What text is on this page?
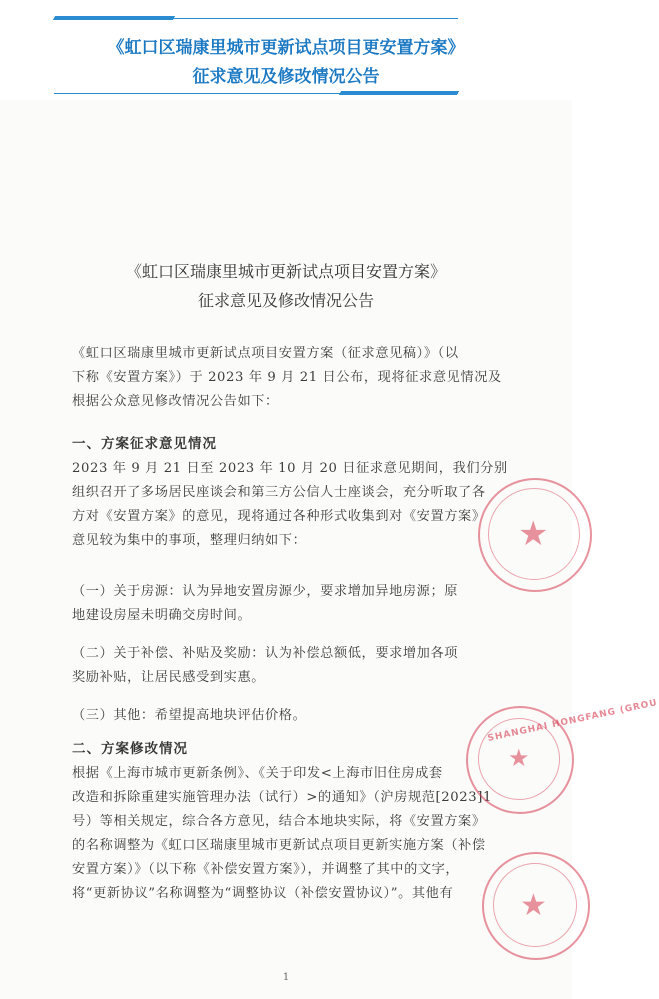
《虹口区瑞康里城市更新试点项目更安置方案》
征求意见及修改情况公告
《虹口区瑞康里城市更新试点项目安置方案》
征求意见及修改情况公告
《虹口区瑞康里城市更新试点项目安置方案（征求意见稿）》（以
下称《安置方案》）于 2023 年 9 月 21 日公布，现将征求意见情况及
根据公众意见修改情况公告如下：
一、方案征求意见情况
2023 年 9 月 21 日至 2023 年 10 月 20 日征求意见期间，我们分别
组织召开了多场居民座谈会和第三方公信人士座谈会，充分听取了各
方对《安置方案》的意见，现将通过各种形式收集到对《安置方案》
意见较为集中的事项，整理归纳如下：
（一）关于房源：认为异地安置房源少，要求增加异地房源；原
地建设房屋未明确交房时间。
（二）关于补偿、补贴及奖励：认为补偿总额低，要求增加各项
奖励补贴，让居民感受到实惠。
（三）其他：希望提高地块评估价格。
二、方案修改情况
根据《上海市城市更新条例》、《关于印发<上海市旧住房成套
改造和拆除重建实施管理办法（试行）>的通知》（沪房规范[2023]1
号）等相关规定，综合各方意见，结合本地块实际，将《安置方案》
的名称调整为《虹口区瑞康里城市更新试点项目更新实施方案（补偿
安置方案）》（以下称《补偿安置方案》），并调整了其中的文字，
将“更新协议”名称调整为“调整协议（补偿安置协议）”。其他有
1
★
SHANGHAI HONGFANG (GROU
★
★
